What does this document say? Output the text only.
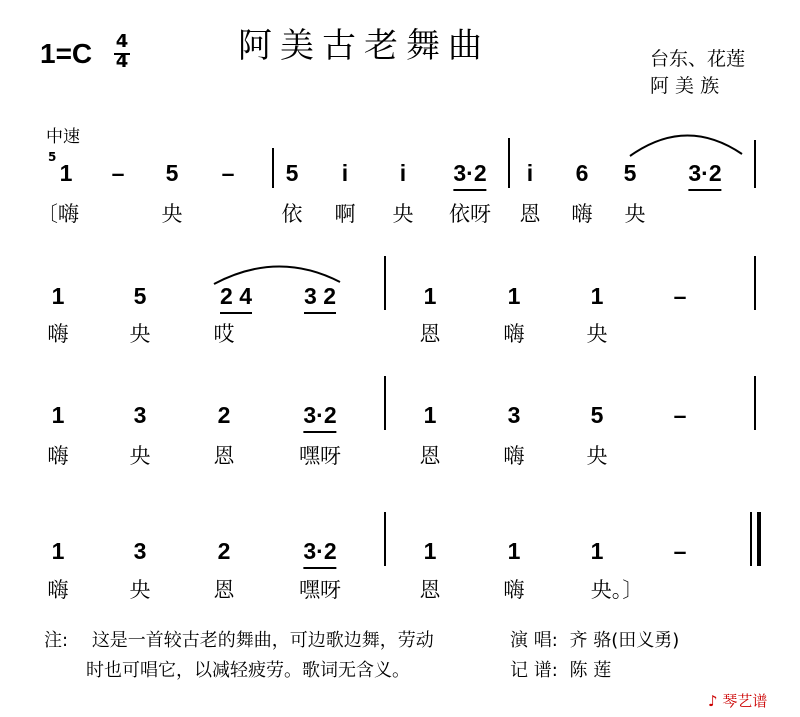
阿美古老舞曲
1=C 4
4	台东、花莲
阿 美 族
中速
5
1 – 5 – 5 i i 3·2 i 6 5 3·2
〔嗨	央	依 啊 央 依呀 恩 嗨 央
1	5	2 4 3 2	1	1	1	–
嗨	央	哎	恩	嗨	央
1	3	2	3·2	1	3	5	–
嗨	央	恩	嘿呀	恩	嗨	央
1	3	2	3·2	1	1	1	–
嗨	央	恩	嘿呀	恩	嗨	央。〕
注: 这是一首较古老的舞曲，可边歌边舞，劳动
时也可唱它，以减轻疲劳。歌词无含义。
演 唱: 齐 骆(田义勇)
记 谱: 陈 莲
♪ 琴艺谱
